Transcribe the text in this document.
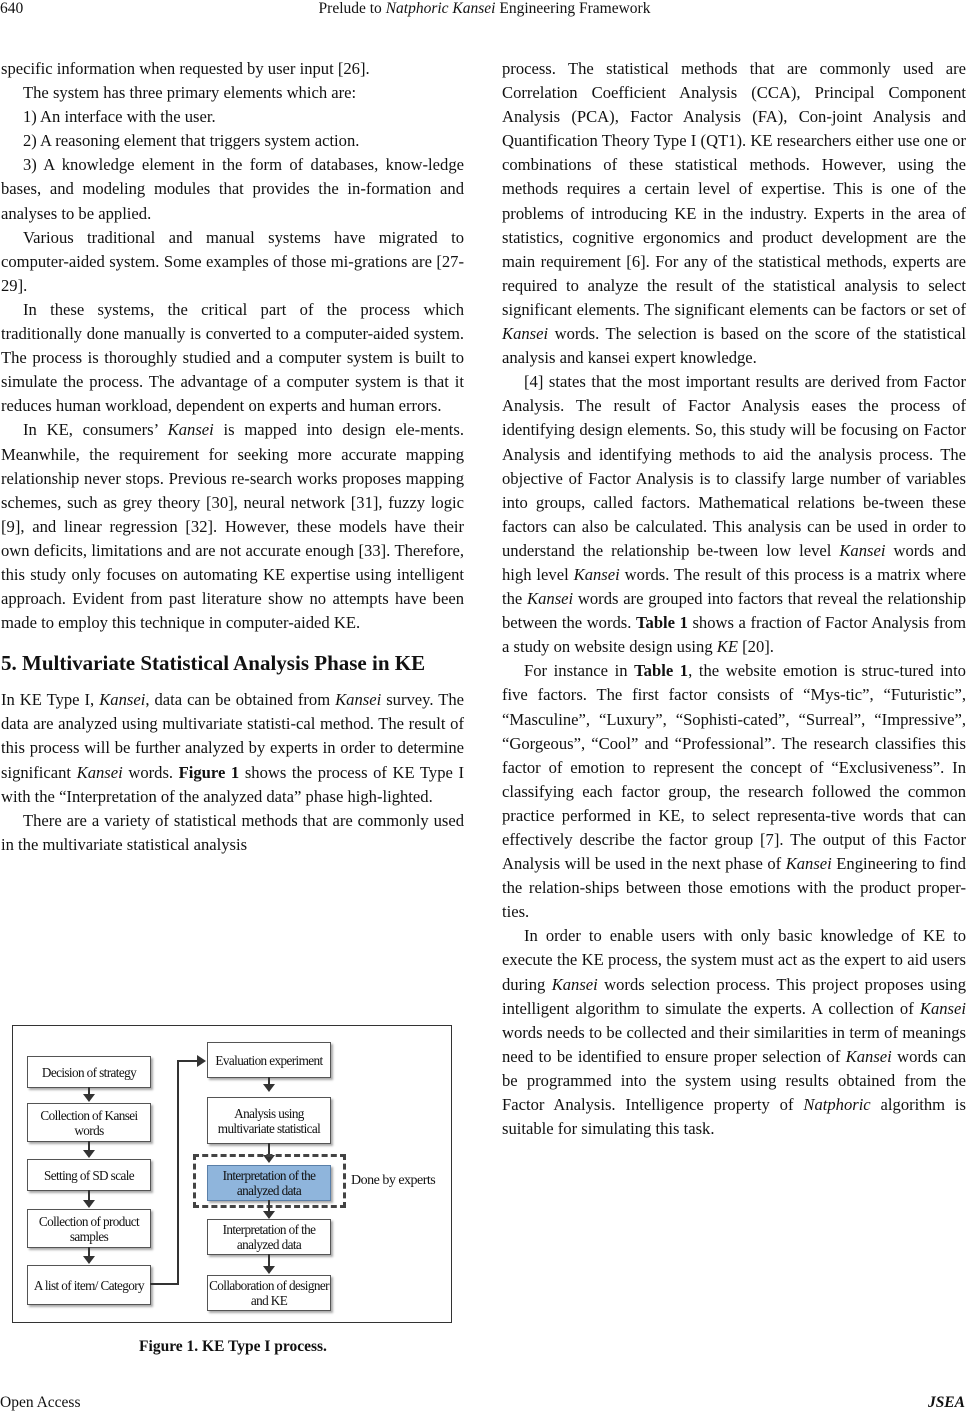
640	Prelude to Natphoric Kansei Engineering Framework

specific information when requested by user input [26].

The system has three primary elements which are:

1) An interface with the user.

2) A reasoning element that triggers system action.

3) A knowledge element in the form of databases, know-ledge bases, and modeling modules that provides the in-formation and analyses to be applied.

Various traditional and manual systems have migrated to computer-aided system. Some examples of those mi-grations are [27-29].

In these systems, the critical part of the process which traditionally done manually is converted to a computer-aided system. The process is thoroughly studied and a computer system is built to simulate the process. The advantage of a computer system is that it reduces human workload, dependent on experts and human errors.

In KE, consumers’ Kansei is mapped into design ele-ments. Meanwhile, the requirement for seeking more accurate mapping relationship never stops. Previous re-search works proposes mapping schemes, such as grey theory [30], neural network [31], fuzzy logic [9], and linear regression [32]. However, these models have their own deficits, limitations and are not accurate enough [33]. Therefore, this study only focuses on automating KE expertise using intelligent approach. Evident from past literature show no attempts have been made to employ this technique in computer-aided KE.

5. Multivariate Statistical Analysis Phase in KE

In KE Type I, Kansei, data can be obtained from Kansei survey. The data are analyzed using multivariate statisti-cal method. The result of this process will be further analyzed by experts in order to determine significant Kansei words. Figure 1 shows the process of KE Type I with the “Interpretation of the analyzed data” phase high-lighted.

There are a variety of statistical methods that are commonly used in the multivariate statistical analysis

Decision of strategy
Collection of Kansei words
Setting of SD scale
Collection of product samples
A list of item/ Category
Evaluation experiment
Analysis using multivariate statistical
Interpretation of the analyzed data
Done by experts
Interpretation of the analyzed data
Collaboration of designer and KE
Figure 1. KE Type I process.

process. The statistical methods that are commonly used are Correlation Coefficient Analysis (CCA), Principal Component Analysis (PCA), Factor Analysis (FA), Con-joint Analysis and Quantification Theory Type I (QT1). KE researchers either use one or combinations of these statistical methods. However, using the methods requires a certain level of expertise. This is one of the problems of introducing KE in the industry. Experts in the area of statistics, cognitive ergonomics and product development are the main requirement [6]. For any of the statistical methods, experts are required to analyze the result of the statistical analysis to select significant elements. The significant elements can be factors or set of Kansei words. The selection is based on the score of the statistical analysis and kansei expert knowledge.

[4] states that the most important results are derived from Factor Analysis. The result of Factor Analysis eases the process of identifying design elements. So, this study will be focusing on Factor Analysis and identifying methods to aid the analysis process. The objective of Factor Analysis is to classify large number of variables into groups, called factors. Mathematical relations be-tween these factors can also be calculated. This analysis can be used in order to understand the relationship be-tween low level Kansei words and high level Kansei words. The result of this process is a matrix where the Kansei words are grouped into factors that reveal the relationship between the words. Table 1 shows a fraction of Factor Analysis from a study on website design using KE [20].

For instance in Table 1, the website emotion is struc-tured into five factors. The first factor consists of “Mys-tic”, “Futuristic”, “Masculine”, “Luxury”, “Sophisti-cated”, “Surreal”, “Impressive”, “Gorgeous”, “Cool” and “Professional”. The research classifies this factor of emotion to represent the concept of “Exclusiveness”. In classifying each factor group, the research followed the common practice performed in KE, to select representa-tive words that can effectively describe the factor group [7]. The output of this Factor Analysis will be used in the next phase of Kansei Engineering to find the relation-ships between those emotions with the product proper-ties.

In order to enable users with only basic knowledge of KE to execute the KE process, the system must act as the expert to aid users during Kansei words selection process. This project proposes using intelligent algorithm to simulate the experts. A collection of Kansei words needs to be collected and their similarities in term of meanings need to be identified to ensure proper selection of Kansei words can be programmed into the system using results obtained from the Factor Analysis. Intelligence property of Natphoric algorithm is suitable for simulating this task.

Open Access	JSEA
